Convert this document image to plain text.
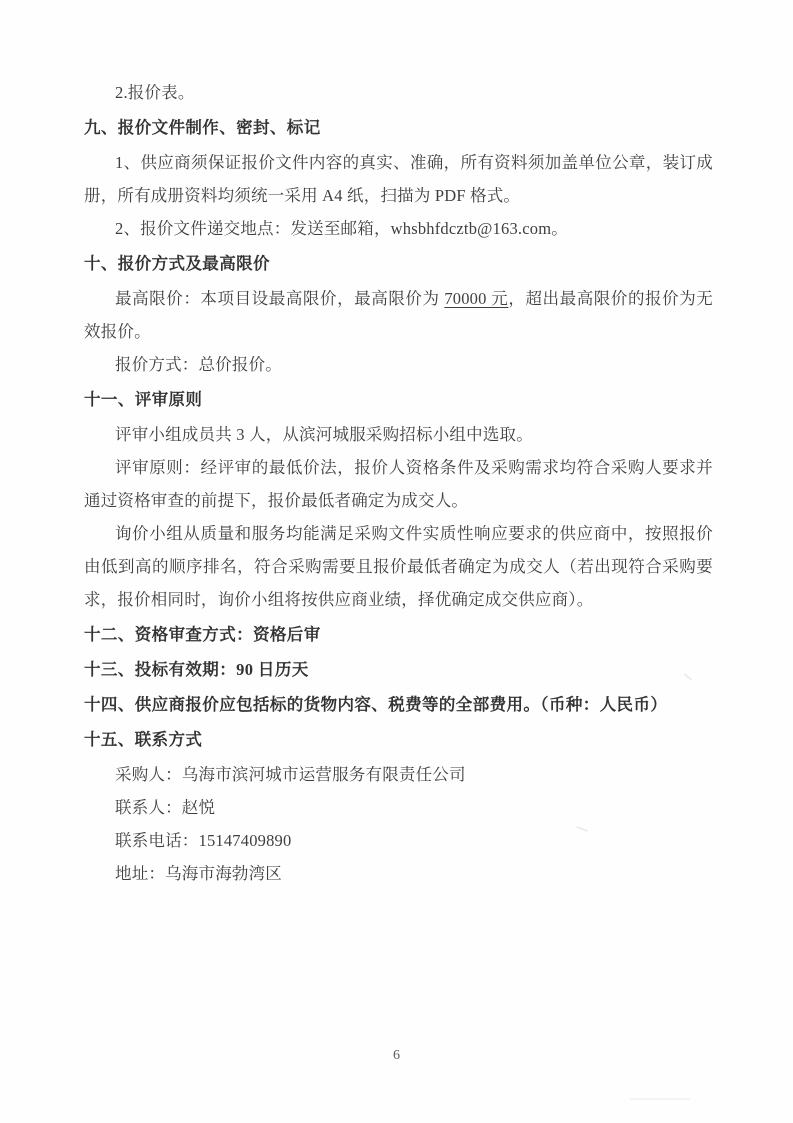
2.报价表。

九、报价文件制作、密封、标记

1、供应商须保证报价文件内容的真实、准确，所有资料须加盖单位公章，装订成册，所有成册资料均须统一采用 A4 纸，扫描为 PDF 格式。

2、报价文件递交地点：发送至邮箱，whsbhfdcztb@163.com。

十、报价方式及最高限价

最高限价：本项目设最高限价，最高限价为 70000 元，超出最高限价的报价为无效报价。

报价方式：总价报价。

十一、评审原则

评审小组成员共 3 人，从滨河城服采购招标小组中选取。

评审原则：经评审的最低价法，报价人资格条件及采购需求均符合采购人要求并通过资格审查的前提下，报价最低者确定为成交人。

询价小组从质量和服务均能满足采购文件实质性响应要求的供应商中，按照报价由低到高的顺序排名，符合采购需要且报价最低者确定为成交人（若出现符合采购要求，报价相同时，询价小组将按供应商业绩，择优确定成交供应商）。

十二、资格审查方式：资格后审
十三、投标有效期：90 日历天
十四、供应商报价应包括标的货物内容、税费等的全部费用。（币种：人民币）
十五、联系方式

采购人：乌海市滨河城市运营服务有限责任公司

联系人：赵悦

联系电话：15147409890

地址：乌海市海勃湾区

6
